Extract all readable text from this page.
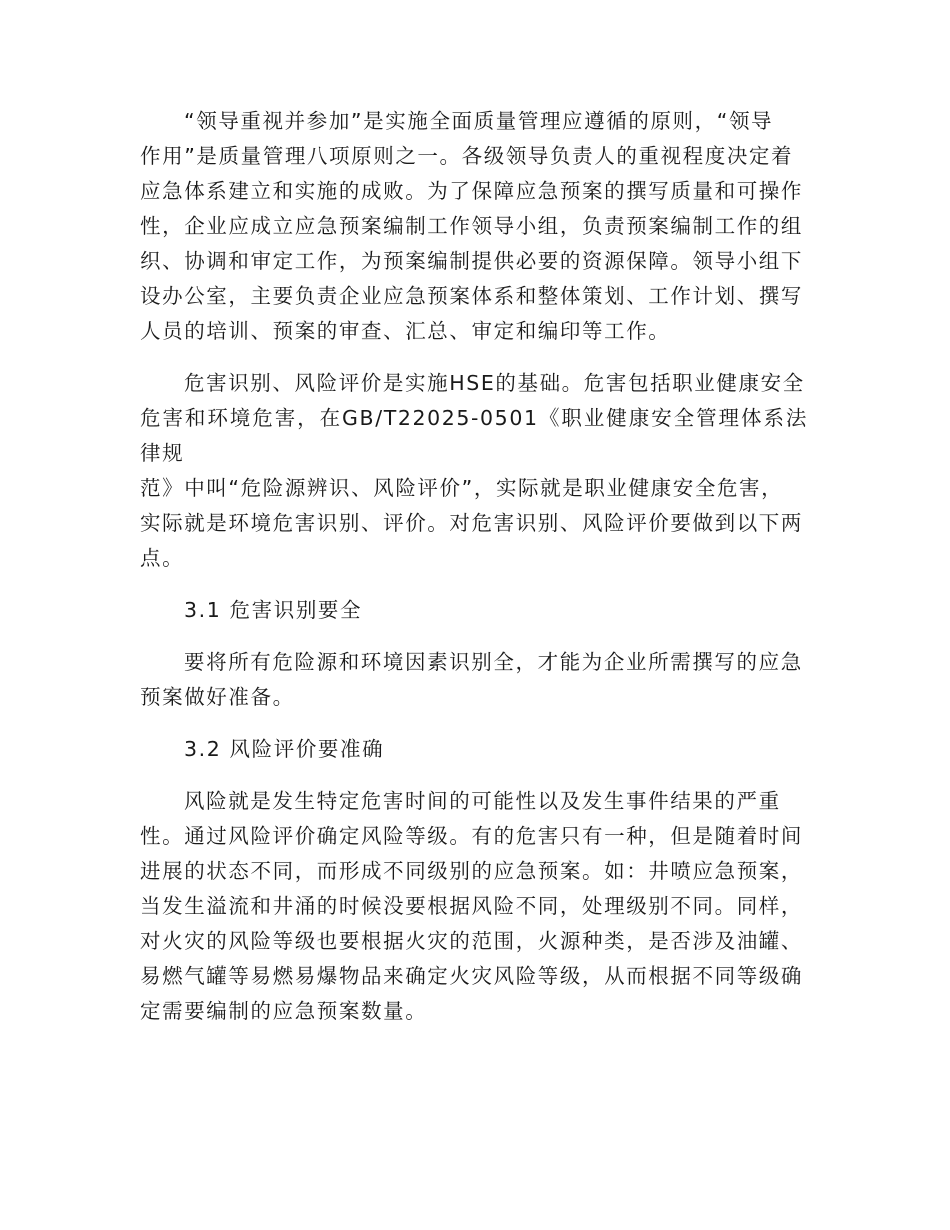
“领导重视并参加”是实施全面质量管理应遵循的原则，“领导
作用”是质量管理八项原则之一。各级领导负责人的重视程度决定着
应急体系建立和实施的成败。为了保障应急预案的撰写质量和可操作
性，企业应成立应急预案编制工作领导小组，负责预案编制工作的组
织、协调和审定工作，为预案编制提供必要的资源保障。领导小组下
设办公室，主要负责企业应急预案体系和整体策划、工作计划、撰写
人员的培训、预案的审查、汇总、审定和编印等工作。
危害识别、风险评价是实施HSE的基础。危害包括职业健康安全
危害和环境危害，在GB/T22025-0501《职业健康安全管理体系法律规
范》中叫“危险源辨识、风险评价”，实际就是职业健康安全危害，
实际就是环境危害识别、评价。对危害识别、风险评价要做到以下两
点。
3.1 危害识别要全
要将所有危险源和环境因素识别全，才能为企业所需撰写的应急
预案做好准备。
3.2 风险评价要准确
风险就是发生特定危害时间的可能性以及发生事件结果的严重
性。通过风险评价确定风险等级。有的危害只有一种，但是随着时间
进展的状态不同，而形成不同级别的应急预案。如：井喷应急预案，
当发生溢流和井涌的时候没要根据风险不同，处理级别不同。同样，
对火灾的风险等级也要根据火灾的范围，火源种类，是否涉及油罐、
易燃气罐等易燃易爆物品来确定火灾风险等级，从而根据不同等级确
定需要编制的应急预案数量。
